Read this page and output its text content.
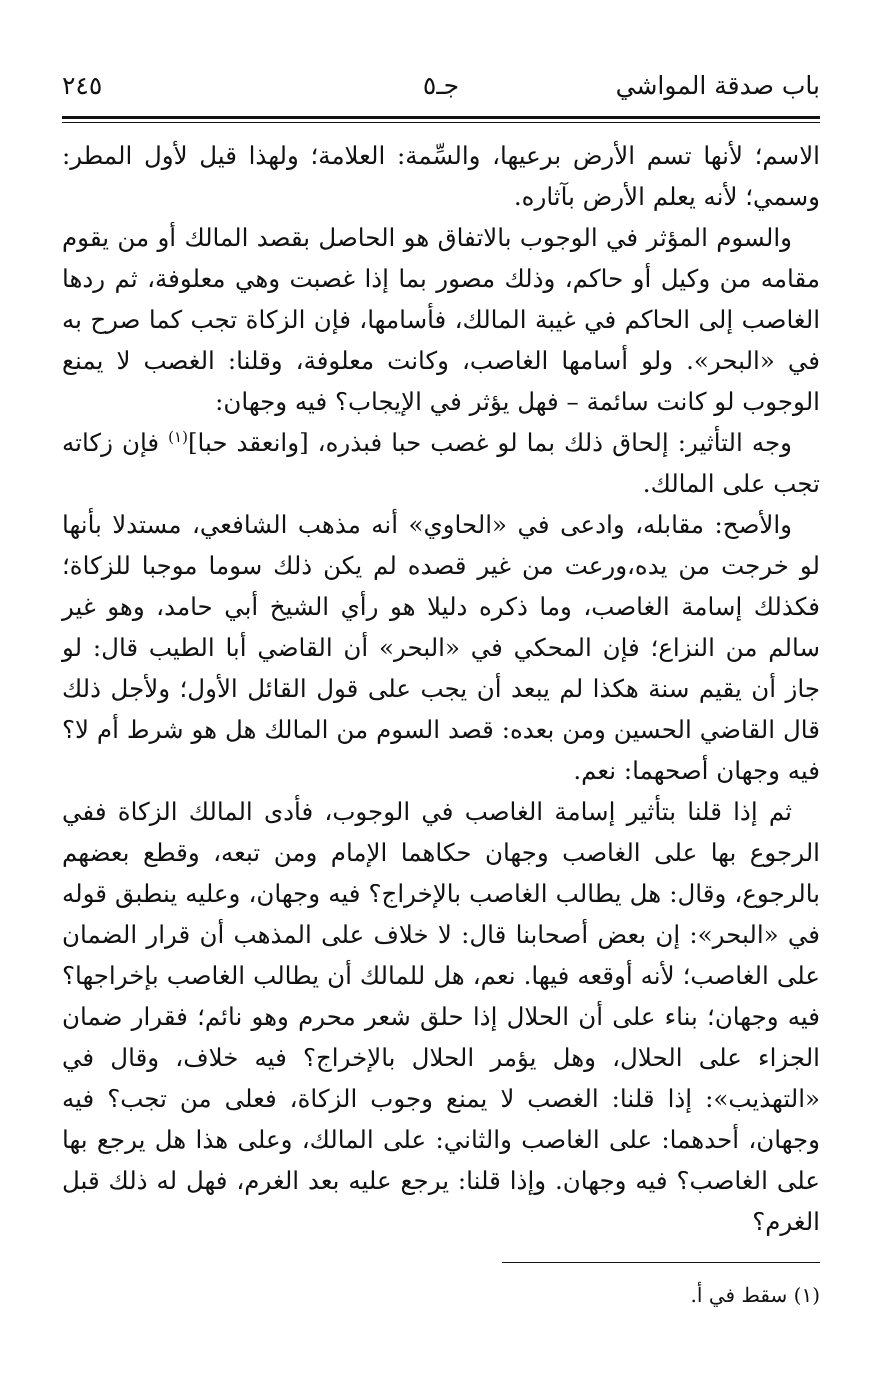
باب صدقة المواشي
جـ٥
٢٤٥

الاسم؛ لأنها تسم الأرض برعيها، والسِّمة: العلامة؛ ولهذا قيل لأول المطر: وسمي؛ لأنه يعلم الأرض بآثاره.

والسوم المؤثر في الوجوب بالاتفاق هو الحاصل بقصد المالك أو من يقوم مقامه من وكيل أو حاكم، وذلك مصور بما إذا غصبت وهي معلوفة، ثم ردها الغاصب إلى الحاكم في غيبة المالك، فأسامها، فإن الزكاة تجب كما صرح به في «البحر». ولو أسامها الغاصب، وكانت معلوفة، وقلنا: الغصب لا يمنع الوجوب لو كانت سائمة – فهل يؤثر في الإيجاب؟ فيه وجهان:

وجه التأثير: إلحاق ذلك بما لو غصب حبا فبذره، [وانعقد حبا]$^{(١)}$ فإن زكاته تجب على المالك.

والأصح: مقابله، وادعى في «الحاوي» أنه مذهب الشافعي، مستدلا بأنها لو خرجت من يده،ورعت من غير قصده لم يكن ذلك سوما موجبا للزكاة؛ فكذلك إسامة الغاصب، وما ذكره دليلا هو رأي الشيخ أبي حامد، وهو غير سالم من النزاع؛ فإن المحكي في «البحر» أن القاضي أبا الطيب قال: لو جاز أن يقيم سنة هكذا لم يبعد أن يجب على قول القائل الأول؛ ولأجل ذلك قال القاضي الحسين ومن بعده: قصد السوم من المالك هل هو شرط أم لا؟ فيه وجهان أصحهما: نعم.

ثم إذا قلنا بتأثير إسامة الغاصب في الوجوب، فأدى المالك الزكاة ففي الرجوع بها على الغاصب وجهان حكاهما الإمام ومن تبعه، وقطع بعضهم بالرجوع، وقال: هل يطالب الغاصب بالإخراج؟ فيه وجهان، وعليه ينطبق قوله في «البحر»: إن بعض أصحابنا قال: لا خلاف على المذهب أن قرار الضمان على الغاصب؛ لأنه أوقعه فيها. نعم، هل للمالك أن يطالب الغاصب بإخراجها؟ فيه وجهان؛ بناء على أن الحلال إذا حلق شعر محرم وهو نائم؛ فقرار ضمان الجزاء على الحلال، وهل يؤمر الحلال بالإخراج؟ فيه خلاف، وقال في «التهذيب»: إذا قلنا: الغصب لا يمنع وجوب الزكاة، فعلى من تجب؟ فيه وجهان، أحدهما: على الغاصب والثاني: على المالك، وعلى هذا هل يرجع بها على الغاصب؟ فيه وجهان. وإذا قلنا: يرجع عليه بعد الغرم، فهل له ذلك قبل الغرم؟

(١) سقط في أ.
